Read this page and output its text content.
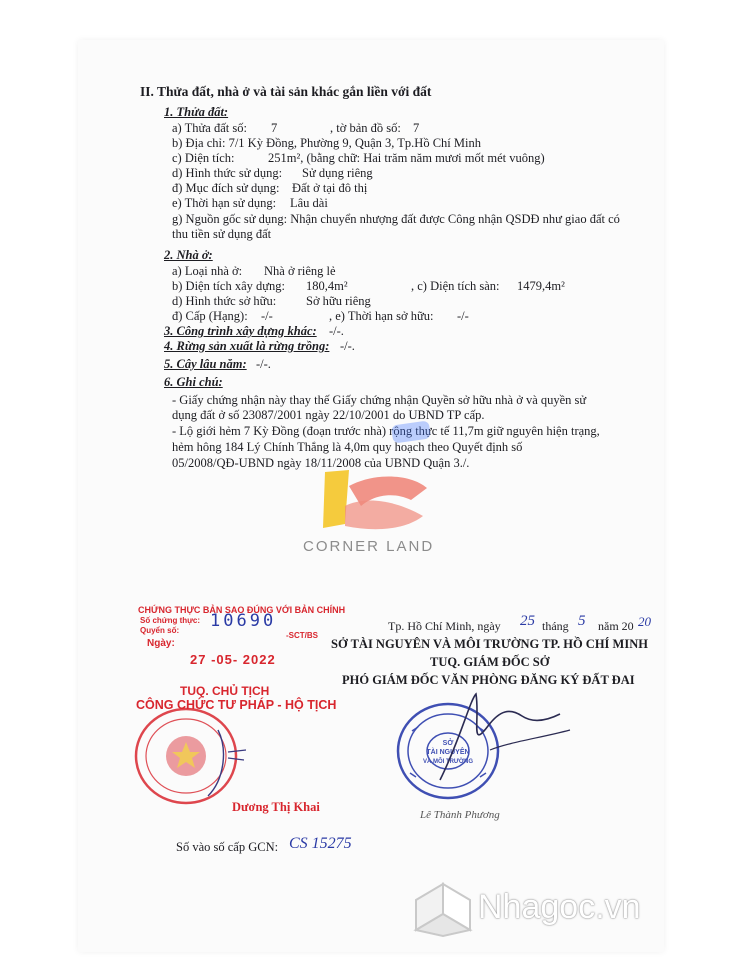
II. Thửa đất, nhà ở và tài sản khác gắn liền với đất
1. Thửa đất:
a) Thửa đất số: 7	, tờ bản đồ số: 7
b) Địa chỉ: 7/1 Kỳ Đồng, Phường 9, Quận 3, Tp.Hồ Chí Minh
c) Diện tích:	251m², (bằng chữ: Hai trăm năm mươi mốt mét vuông)
d) Hình thức sử dụng: Sử dụng riêng
đ) Mục đích sử dụng: Đất ở tại đô thị
e) Thời hạn sử dụng: Lâu dài
g) Nguồn gốc sử dụng: Nhận chuyển nhượng đất được Công nhận QSDĐ như giao đất có
thu tiền sử dụng đất
2. Nhà ở:
a) Loại nhà ở: Nhà ở riêng lẻ
b) Diện tích xây dựng: 180,4m²	, c) Diện tích sàn: 1479,4m²
d) Hình thức sở hữu: Sở hữu riêng
đ) Cấp (Hạng): -/-	, e) Thời hạn sở hữu: -/-
3. Công trình xây dựng khác: -/-.
4. Rừng sản xuất là rừng trồng: -/-.
5. Cây lâu năm: -/-.
6. Ghi chú:
- Giấy chứng nhận này thay thế Giấy chứng nhận Quyền sở hữu nhà ở và quyền sử
dụng đất ở số 23087/2001 ngày 22/10/2001 do UBND TP cấp.
- Lộ giới hẻm 7 Kỳ Đồng (đoạn trước nhà) rộng thực tế 11,7m giữ nguyên hiện trạng,
hẻm hông 184 Lý Chính Thắng là 4,0m quy hoạch theo Quyết định số
05/2008/QĐ-UBND ngày 18/11/2008 của UBND Quận 3./.
CORNER LAND
Tp. Hồ Chí Minh, ngày 25 tháng 5 năm 20 20
SỞ TÀI NGUYÊN VÀ MÔI TRƯỜNG TP. HỒ CHÍ MINH
TUQ. GIÁM ĐỐC SỞ
PHÓ GIÁM ĐỐC VĂN PHÒNG ĐĂNG KÝ ĐẤT ĐAI
SỞ
TÀI NGUYÊN
VÀ MÔI TRƯỜNG
Lê Thành Phương
CHỨNG THỰC BẢN SAO ĐÚNG VỚI BẢN CHÍNH
Số chứng thực:
Quyển số: 10690
-SCT/BS
Ngày:
27 -05- 2022
TUQ. CHỦ TỊCH
CÔNG CHỨC TƯ PHÁP - HỘ TỊCH
Dương Thị Khai
Số vào số cấp GCN: CS 15275
Nhagoc.vn
